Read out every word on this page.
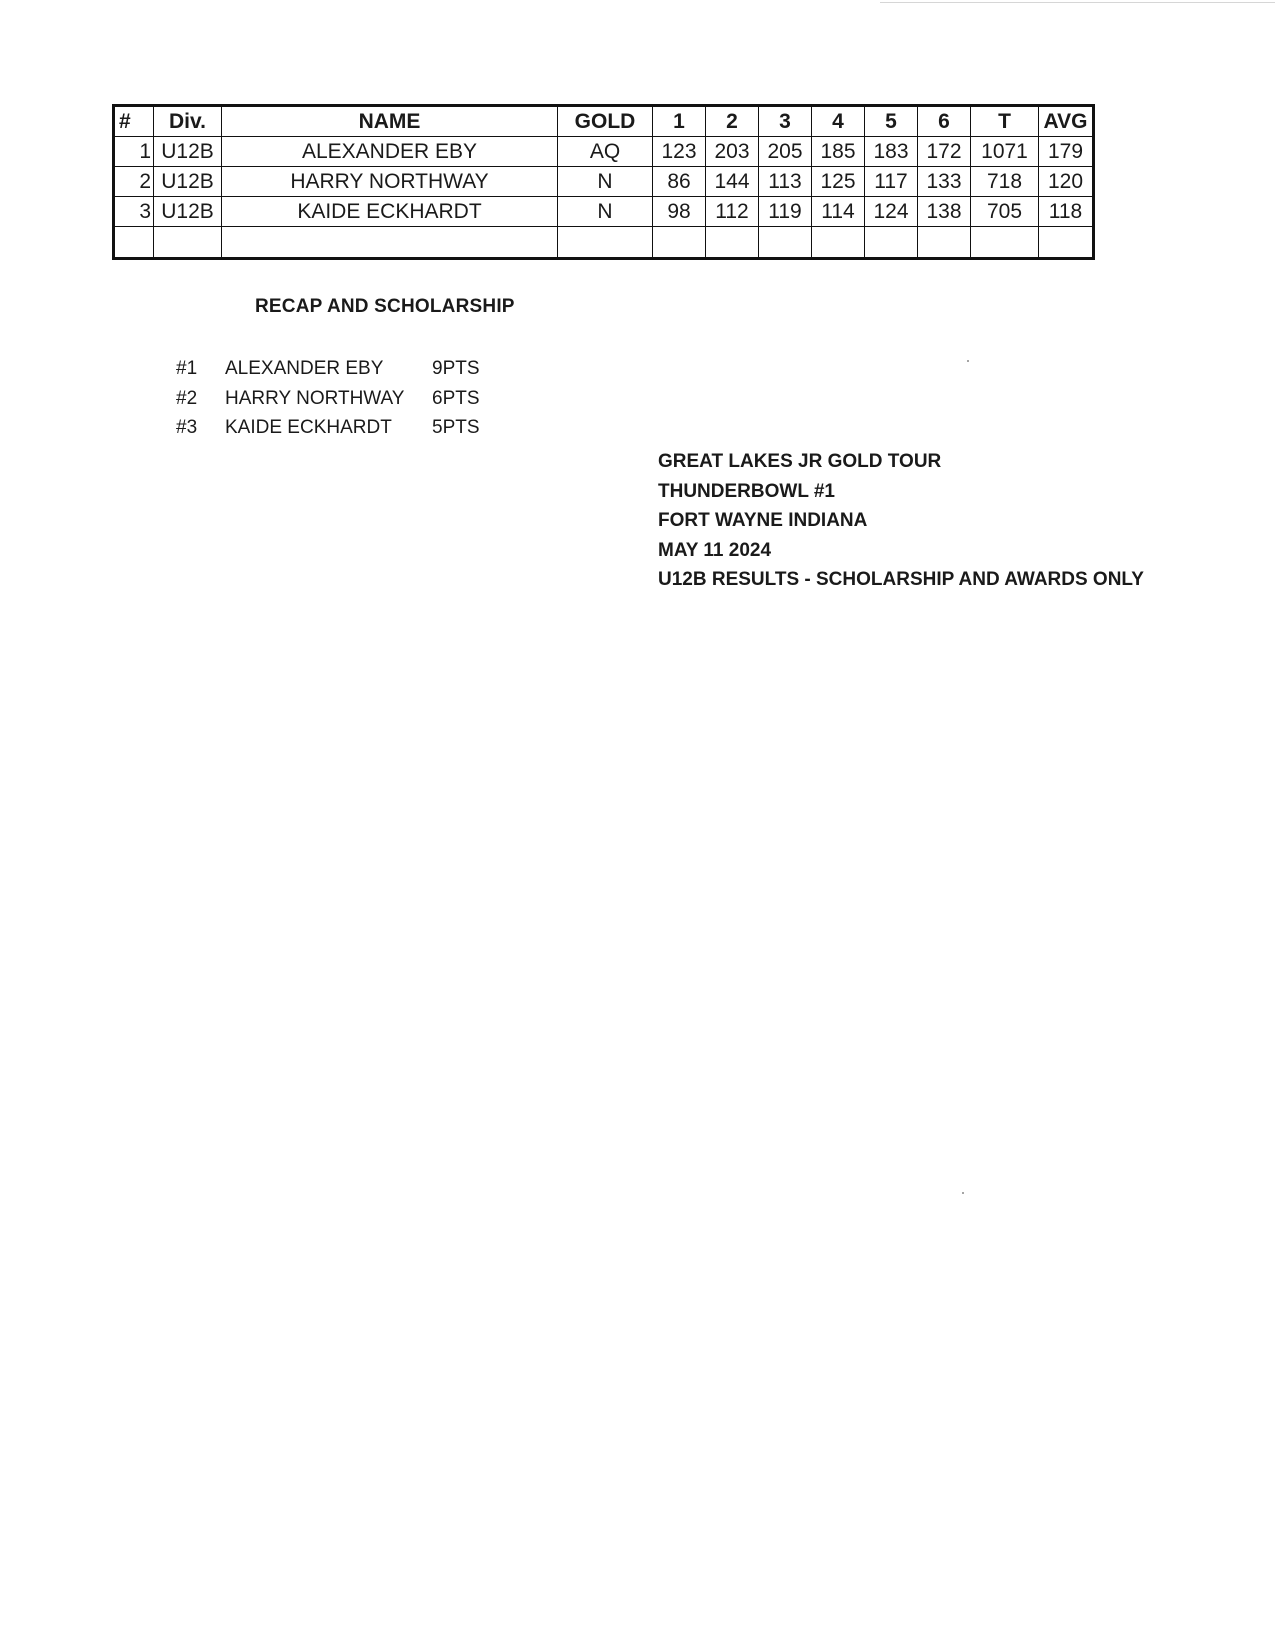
#	Div.	NAME	GOLD	1	2	3	4	5	6	T	AVG
1	U12B	ALEXANDER EBY	AQ	123	203	205	185	183	172	1071	179
2	U12B	HARRY NORTHWAY	N	86	144	113	125	117	133	718	120
3	U12B	KAIDE ECKHARDT	N	98	112	119	114	124	138	705	118

RECAP AND SCHOLARSHIP
#1 ALEXANDER EBY	9PTS
#2 HARRY NORTHWAY 6PTS
#3 KAIDE ECKHARDT 5PTS
GREAT LAKES JR GOLD TOUR
THUNDERBOWL #1
FORT WAYNE INDIANA
MAY 11 2024
U12B RESULTS - SCHOLARSHIP AND AWARDS ONLY
